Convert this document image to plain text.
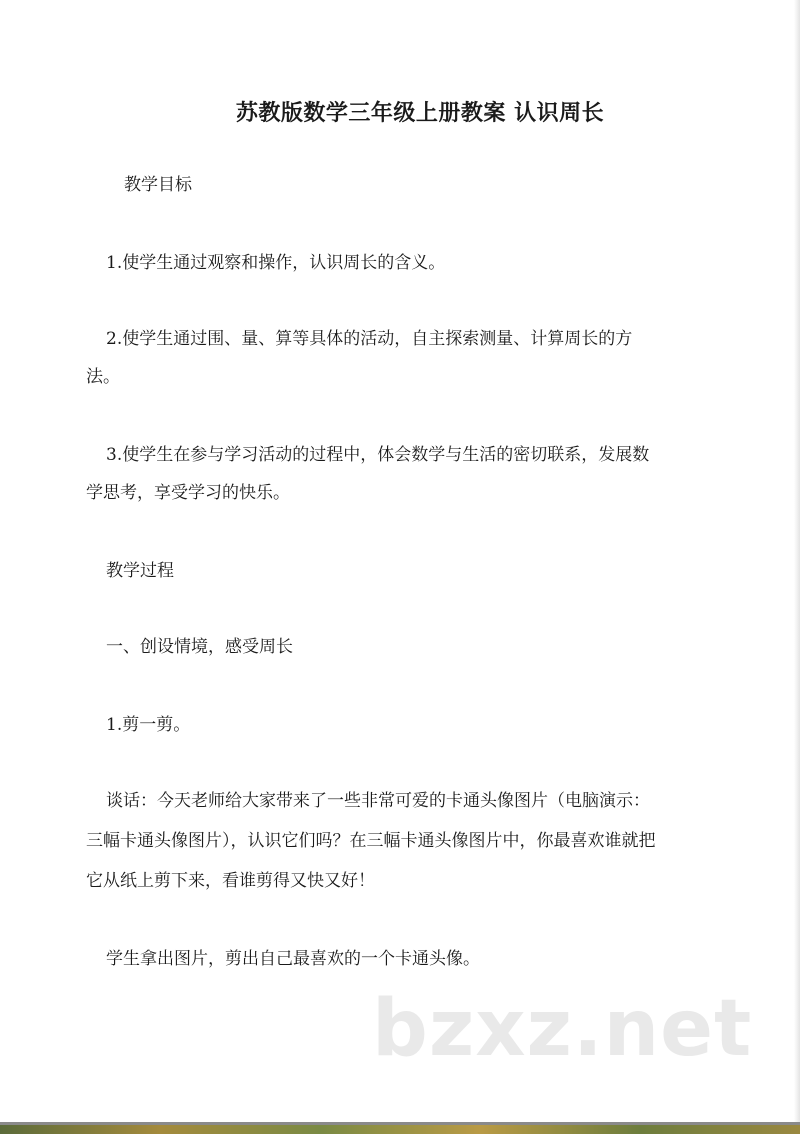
苏教版数学三年级上册教案 认识周长

教学目标

1.使学生通过观察和操作，认识周长的含义。

2.使学生通过围、量、算等具体的活动，自主探索测量、计算周长的方

法。

3.使学生在参与学习活动的过程中，体会数学与生活的密切联系，发展数

学思考，享受学习的快乐。

教学过程

一、创设情境，感受周长

1.剪一剪。

谈话：今天老师给大家带来了一些非常可爱的卡通头像图片（电脑演示：

三幅卡通头像图片），认识它们吗？在三幅卡通头像图片中，你最喜欢谁就把

它从纸上剪下来，看谁剪得又快又好！

学生拿出图片，剪出自己最喜欢的一个卡通头像。

bzxz.net
